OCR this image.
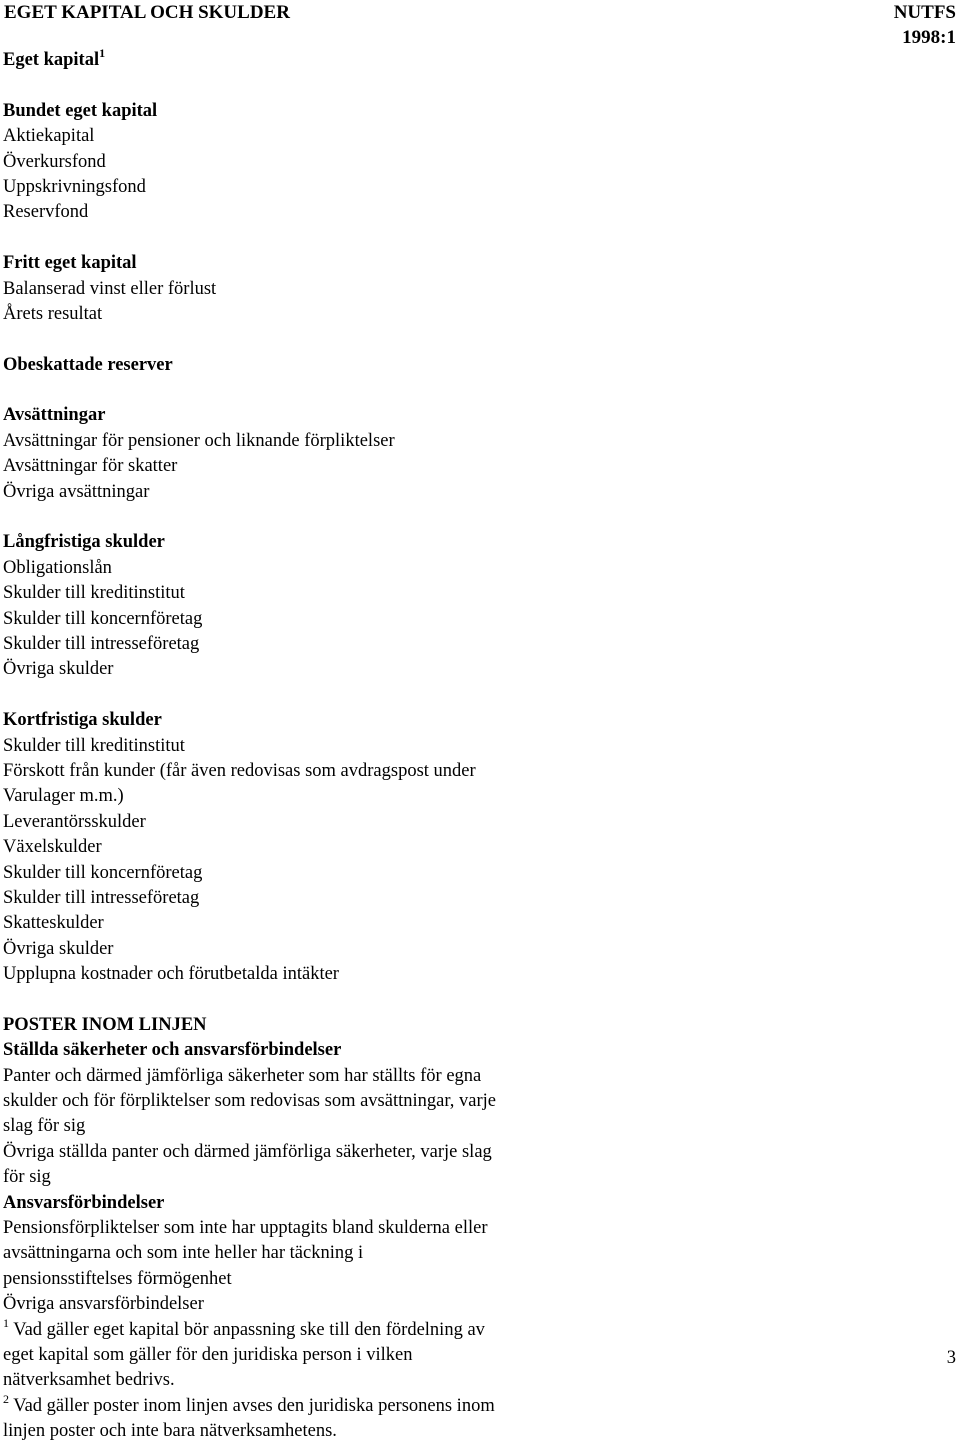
EGET KAPITAL OCH SKULDER	NUTFS
1998:1
Eget kapital$^1$
Bundet eget kapital
Aktiekapital
Överkursfond
Uppskrivningsfond
Reservfond
Fritt eget kapital
Balanserad vinst eller förlust
Årets resultat
Obeskattade reserver
Avsättningar
Avsättningar för pensioner och liknande förpliktelser
Avsättningar för skatter
Övriga avsättningar
Långfristiga skulder
Obligationslån
Skulder till kreditinstitut
Skulder till koncernföretag
Skulder till intresseföretag
Övriga skulder
Kortfristiga skulder
Skulder till kreditinstitut
Förskott från kunder (får även redovisas som avdragspost under
Varulager m.m.)
Leverantörsskulder
Växelskulder
Skulder till koncernföretag
Skulder till intresseföretag
Skatteskulder
Övriga skulder
Upplupna kostnader och förutbetalda intäkter
POSTER INOM LINJEN
Ställda säkerheter och ansvarsförbindelser
Panter och därmed jämförliga säkerheter som har ställts för egna
skulder och för förpliktelser som redovisas som avsättningar, varje
slag för sig
Övriga ställda panter och därmed jämförliga säkerheter, varje slag
för sig
Ansvarsförbindelser
Pensionsförpliktelser som inte har upptagits bland skulderna eller
avsättningarna och som inte heller har täckning i
pensionsstiftelses förmögenhet
Övriga ansvarsförbindelser
$^1$ Vad gäller eget kapital bör anpassning ske till den fördelning av
eget kapital som gäller för den juridiska person i vilken
nätverksamhet bedrivs.
$^2$ Vad gäller poster inom linjen avses den juridiska personens inom
linjen poster och inte bara nätverksamhetens.
3
